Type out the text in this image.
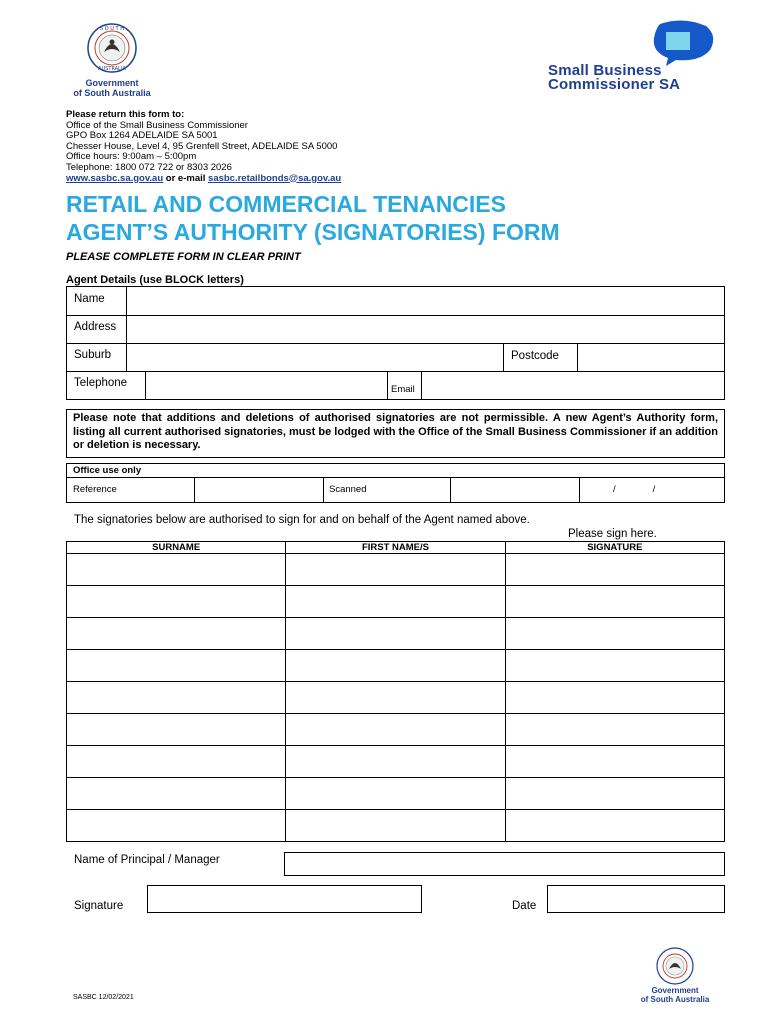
S O U T H
AUSTRALIA
Government
of South Australia
Small Business
Commissioner SA
Please return this form to:
Office of the Small Business Commissioner
GPO Box 1264 ADELAIDE SA 5001
Chesser House, Level 4, 95 Grenfell Street, ADELAIDE SA 5000
Office hours: 9:00am – 5:00pm
Telephone: 1800 072 722 or 8303 2026
www.sasbc.sa.gov.au or e-mail sasbc.retailbonds@sa.gov.au
RETAIL AND COMMERCIAL TENANCIES
AGENT’S AUTHORITY (SIGNATORIES) FORM
PLEASE COMPLETE FORM IN CLEAR PRINT
Agent Details (use BLOCK letters)
Name
Address
Suburb	Postcode
Telephone
Email
Please note that additions and deletions of authorised signatories are not permissible. A new Agent’s Authority form, listing all current authorised signatories, must be lodged with the Office of the Small Business Commissioner if an addition or deletion is necessary.
Office use only
Reference	Scanned	/              /
The signatories below are authorised to sign for and on behalf of the Agent named above.
Please sign here.
SURNAME	FIRST NAME/S	SIGNATURE

Name of Principal / Manager
Signature	Date
SASBC 12/02/2021
Government
of South Australia
